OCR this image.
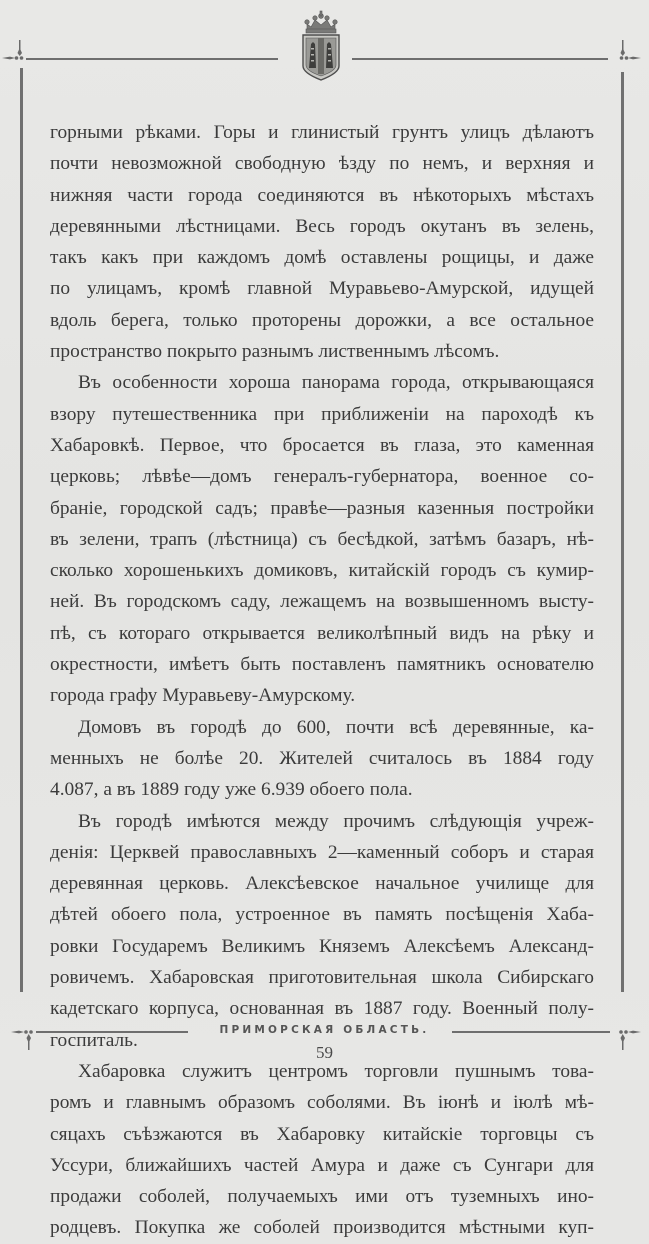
горными рѣками. Горы и глинистый грунтъ улицъ дѣлаютъ
почти невозможной свободную ѣзду по немъ, и верхняя и
нижняя части города соединяются въ нѣкоторыхъ мѣстахъ
деревянными лѣстницами. Весь городъ окутанъ въ зелень,
такъ какъ при каждомъ домѣ оставлены рощицы, и даже
по улицамъ, кромѣ главной Муравьево-Амурской, идущей
вдоль берега, только проторены дорожки, а все остальное
пространство покрыто разнымъ лиственнымъ лѣсомъ.
Въ особенности хороша панорама города, открывающаяся
взору путешественника при приближеніи на пароходѣ къ
Хабаровкѣ. Первое, что бросается въ глаза, это каменная
церковь; лѣвѣе—домъ генералъ-губернатора, военное со-
браніе, городской садъ; правѣе—разныя казенныя постройки
въ зелени, трапъ (лѣстница) съ бесѣдкой, затѣмъ базаръ, нѣ-
сколько хорошенькихъ домиковъ, китайскій городъ съ кумир-
ней. Въ городскомъ саду, лежащемъ на возвышенномъ высту-
пѣ, съ котораго открывается великолѣпный видъ на рѣку и
окрестности, имѣетъ быть поставленъ памятникъ основателю
города графу Муравьеву-Амурскому.
Домовъ въ городѣ до 600, почти всѣ деревянные, ка-
менныхъ не болѣе 20. Жителей считалось въ 1884 году
4.087, а въ 1889 году уже 6.939 обоего пола.
Въ городѣ имѣются между прочимъ слѣдующія учреж-
денія: Церквей православныхъ 2—каменный соборъ и старая
деревянная церковь. Алексѣевское начальное училище для
дѣтей обоего пола, устроенное въ память посѣщенія Хаба-
ровки Государемъ Великимъ Княземъ Алексѣемъ Александ-
ровичемъ. Хабаровская приготовительная школа Сибирскаго
кадетскаго корпуса, основанная въ 1887 году. Военный полу-
госпиталь.
Хабаровка служитъ центромъ торговли пушнымъ това-
ромъ и главнымъ образомъ соболями. Въ іюнѣ и іюлѣ мѣ-
сяцахъ съѣзжаются въ Хабаровку китайскіе торговцы съ
Уссури, ближайшихъ частей Амура и даже съ Сунгари для
продажи соболей, получаемыхъ ими отъ туземныхъ ино-
родцевъ. Покупка же соболей производится мѣстными куп-
ПРИМОРСКАЯ ОБЛАСТЬ.
59
